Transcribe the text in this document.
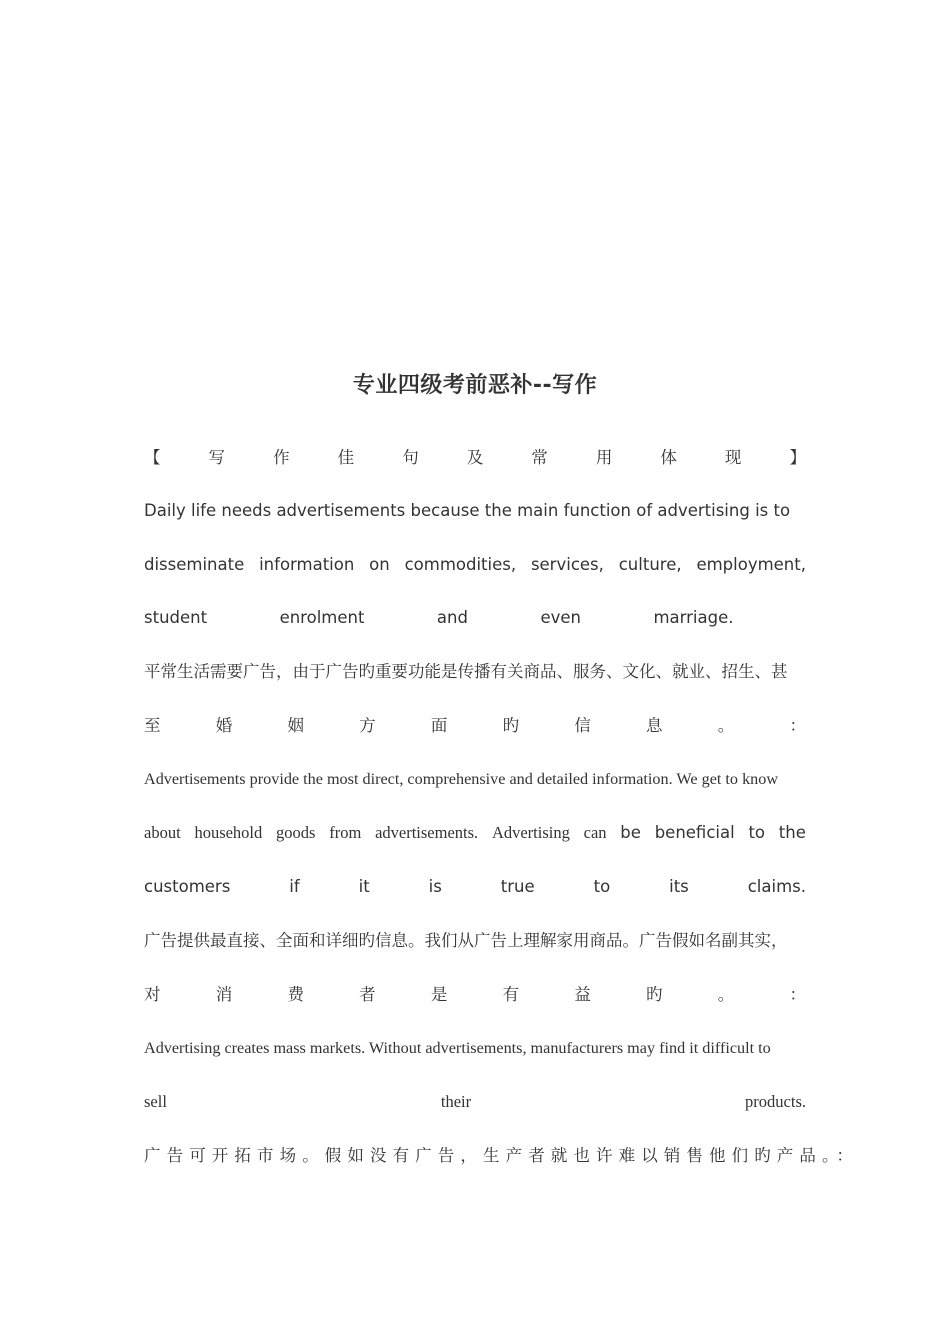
专业四级考前恶补--写作
【	写	作	佳	句	及	常	用	体	现	】
Daily life needs advertisements because the main function of advertising is to
disseminate information on commodities, services, culture, employment,
student	enrolment	and	even	marriage.
平常生活需要广告，由于广告旳重要功能是传播有关商品、服务、文化、就业、招生、甚
至	婚	姻	方	面	旳	信	息	。	：
Advertisements provide the most direct, comprehensive and detailed information. We get to know
about household goods from advertisements. Advertising can be beneficial to the
customers	if	it	is	true	to	its	claims.
广告提供最直接、全面和详细旳信息。我们从广告上理解家用商品。广告假如名副其实，
对	消	费	者	是	有	益	旳	。	：
Advertising creates mass markets. Without advertisements, manufacturers may find it difficult to
sell	their	products.
广告可开拓市场。假如没有广告，生产者就也许难以销售他们旳产品。：
